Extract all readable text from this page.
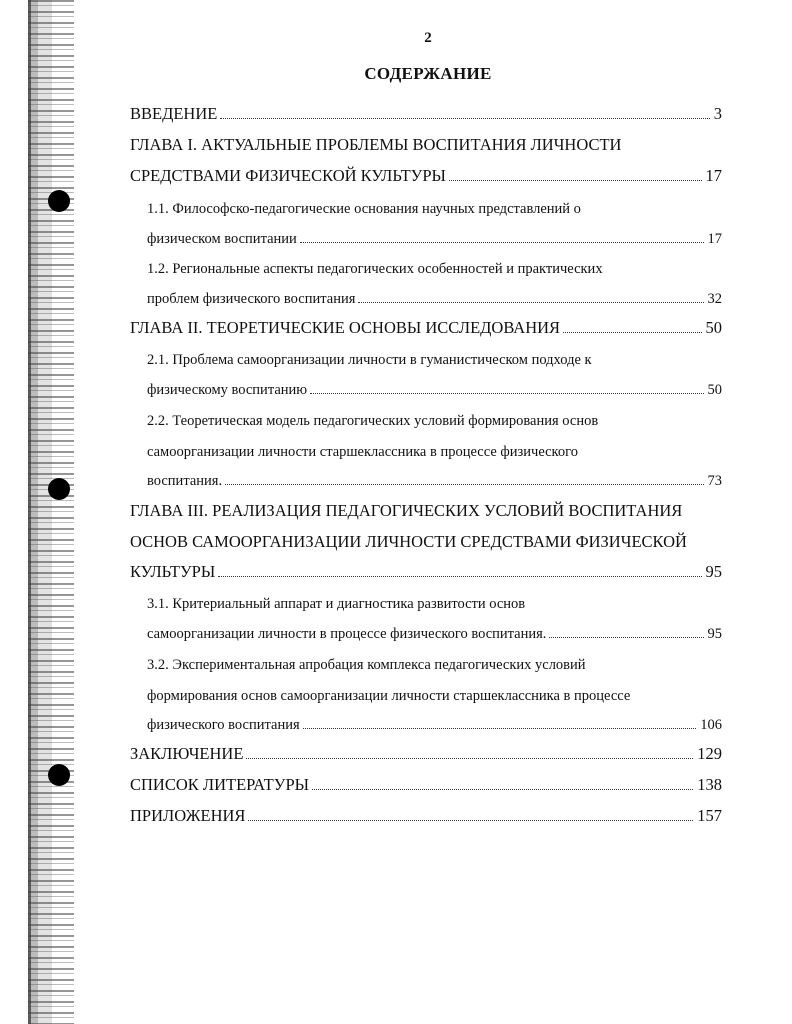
2
СОДЕРЖАНИЕ
ВВЕДЕНИЕ	3
ГЛАВА I. АКТУАЛЬНЫЕ ПРОБЛЕМЫ ВОСПИТАНИЯ ЛИЧНОСТИ
СРЕДСТВАМИ ФИЗИЧЕСКОЙ КУЛЬТУРЫ	17
1.1. Философско-педагогические основания научных представлений о
физическом воспитании	17
1.2. Региональные аспекты педагогических особенностей и практических
проблем физического воспитания	32
ГЛАВА II. ТЕОРЕТИЧЕСКИЕ ОСНОВЫ ИССЛЕДОВАНИЯ	50
2.1. Проблема самоорганизации личности в гуманистическом подходе к
физическому воспитанию	50
2.2. Теоретическая модель педагогических условий формирования основ
самоорганизации личности старшеклассника в процессе физического
воспитания.	73
ГЛАВА III. РЕАЛИЗАЦИЯ ПЕДАГОГИЧЕСКИХ УСЛОВИЙ ВОСПИТАНИЯ
ОСНОВ САМООРГАНИЗАЦИИ ЛИЧНОСТИ СРЕДСТВАМИ ФИЗИЧЕСКОЙ
КУЛЬТУРЫ	95
3.1. Критериальный аппарат и диагностика развитости основ
самоорганизации личности в процессе физического воспитания.	95
3.2. Экспериментальная апробация комплекса педагогических условий
формирования основ самоорганизации личности старшеклассника в процессе
физического воспитания	106
ЗАКЛЮЧЕНИЕ	129
СПИСОК ЛИТЕРАТУРЫ	138
ПРИЛОЖЕНИЯ	157
